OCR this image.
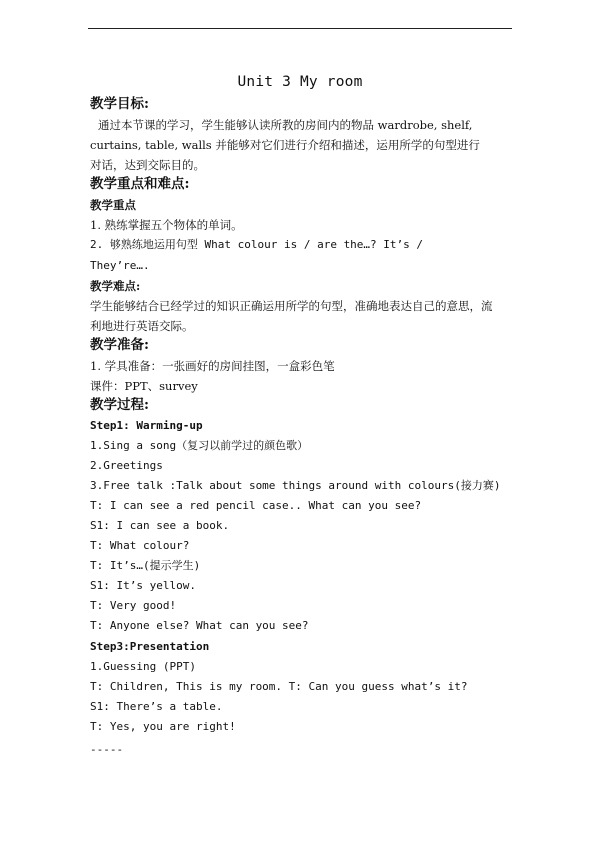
Unit 3 My room
教学目标:
通过本节课的学习，学生能够认读所教的房间内的物品 wardrobe, shelf,
curtains, table, walls 并能够对它们进行介绍和描述，运用所学的句型进行
对话，达到交际目的。
教学重点和难点:
教学重点
1. 熟练掌握五个物体的单词。
2. 够熟练地运用句型 What colour is / are the…? It’s /
They’re….
教学难点:
学生能够结合已经学过的知识正确运用所学的句型，准确地表达自己的意思，流
利地进行英语交际。
教学准备:
1. 学具准备：一张画好的房间挂图，一盒彩色笔
课件：PPT、survey
教学过程:
Step1: Warming-up
1.Sing a song（复习以前学过的颜色歌）
2.Greetings
3.Free talk :Talk about some things around with colours(接力赛)
T: I can see a red pencil case.. What can you see?
S1: I can see a book.
T: What colour?
T: It’s…(提示学生)
S1: It’s yellow.
T: Very good!
T: Anyone else? What can you see?
Step3:Presentation
1.Guessing (PPT)
T: Children, This is my room. T: Can you guess what’s it?
S1: There’s a table.
T: Yes, you are right!
-----
